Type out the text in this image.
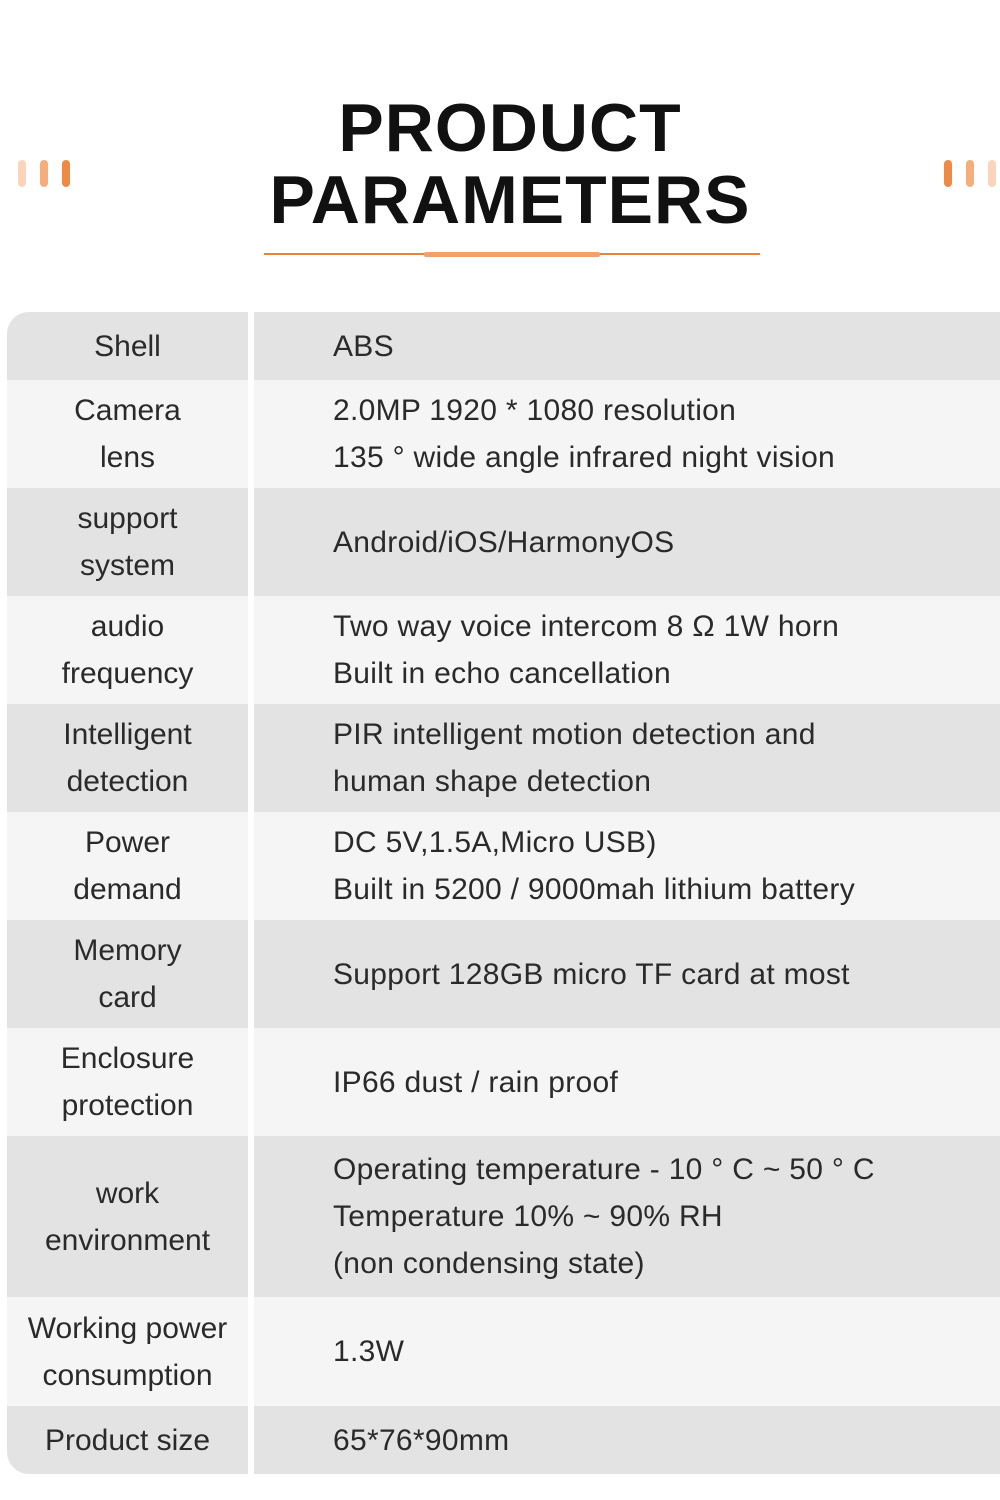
PRODUCT
PARAMETERS
Shell	ABS
Camera
lens
2.0MP 1920 * 1080 resolution
135 ° wide angle infrared night vision
support
system
Android/iOS/HarmonyOS
audio
frequency
Two way voice intercom 8 Ω 1W horn
Built in echo cancellation
Intelligent
detection
PIR intelligent motion detection and
human shape detection
Power
demand
DC 5V,1.5A,Micro USB)
Built in 5200 / 9000mah lithium battery
Memory
card
Support 128GB micro TF card at most
Enclosure
protection
IP66 dust / rain proof
work
environment
Operating temperature - 10 ° C ~ 50 ° C
Temperature 10% ~ 90% RH
(non condensing state)
Working power
consumption
1.3W
Product size	65*76*90mm
